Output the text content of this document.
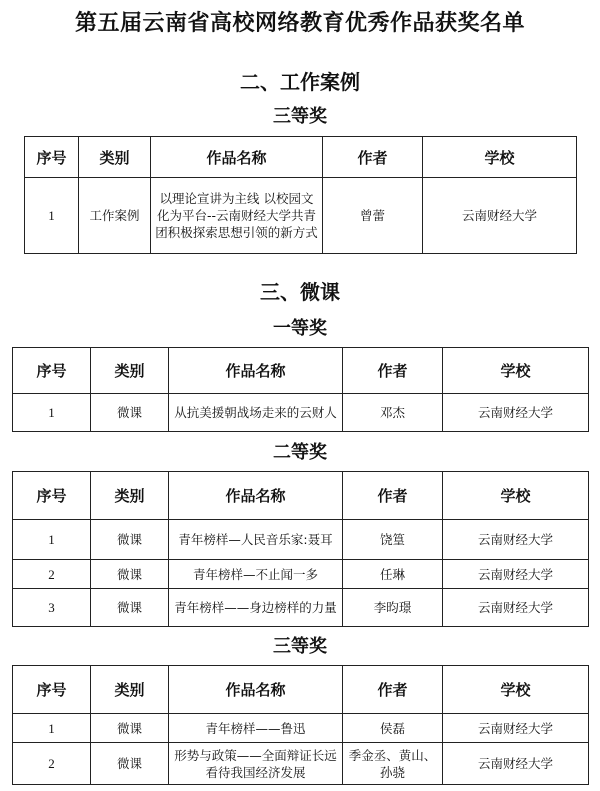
第五届云南省高校网络教育优秀作品获奖名单
二、工作案例
三等奖
序号	类别	作品名称	作者	学校
1	工作案例	以理论宣讲为主线 以校园文化为平台--云南财经大学共青团积极探索思想引领的新方式	曾蕾	云南财经大学
三、微课
一等奖
序号	类别	作品名称	作者	学校
1	微课	从抗美援朝战场走来的云财人	邓杰	云南财经大学
二等奖
序号	类别	作品名称	作者	学校
1	微课	青年榜样—人民音乐家:聂耳	饶篁	云南财经大学
2	微课	青年榜样—不止闻一多	任琳	云南财经大学
3	微课	青年榜样——身边榜样的力量	李昀璟	云南财经大学
三等奖
序号	类别	作品名称	作者	学校
1	微课	青年榜样——鲁迅	侯磊	云南财经大学
2	微课	形势与政策——全面辩证长远看待我国经济发展	季金丞、黄山、孙骁	云南财经大学
